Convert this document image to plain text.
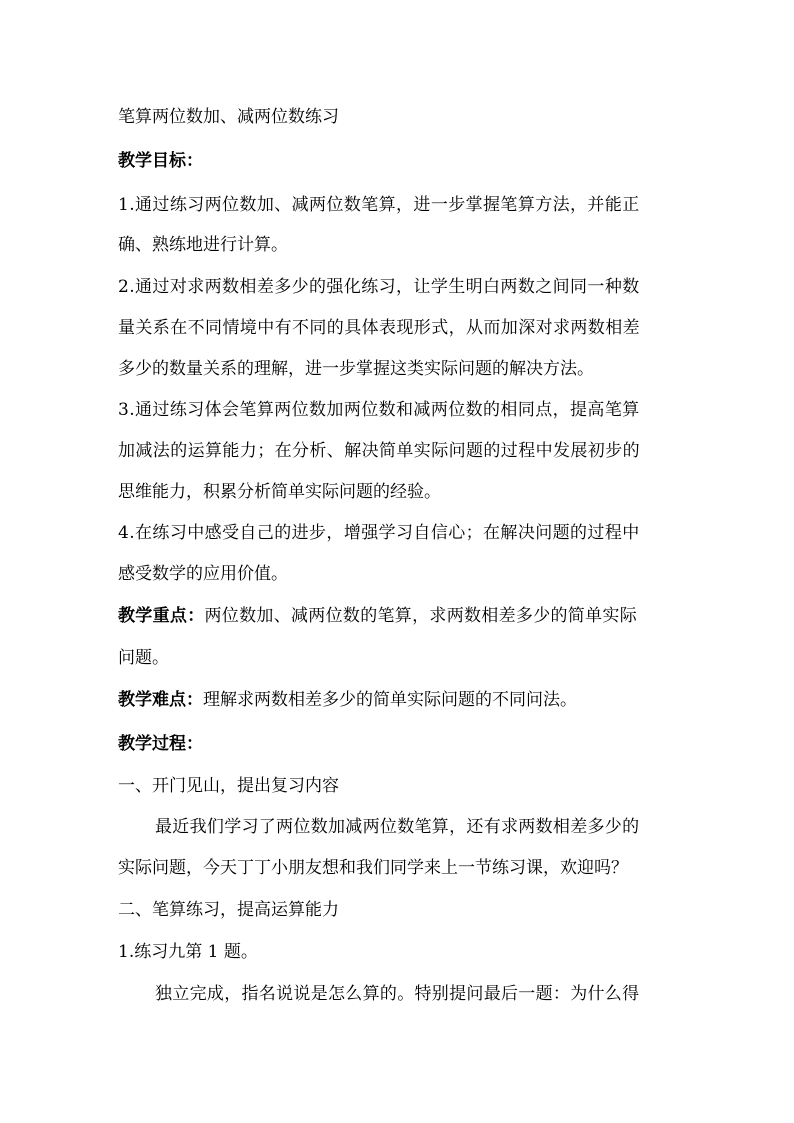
笔算两位数加、减两位数练习
教学目标：
1.通过练习两位数加、减两位数笔算，进一步掌握笔算方法，并能正
确、熟练地进行计算。
2.通过对求两数相差多少的强化练习，让学生明白两数之间同一种数
量关系在不同情境中有不同的具体表现形式，从而加深对求两数相差
多少的数量关系的理解，进一步掌握这类实际问题的解决方法。
3.通过练习体会笔算两位数加两位数和减两位数的相同点，提高笔算
加减法的运算能力；在分析、解决简单实际问题的过程中发展初步的
思维能力，积累分析简单实际问题的经验。
4.在练习中感受自己的进步，增强学习自信心；在解决问题的过程中
感受数学的应用价值。
教学重点：两位数加、减两位数的笔算，求两数相差多少的简单实际
问题。
教学难点：理解求两数相差多少的简单实际问题的不同问法。
教学过程：
一、开门见山，提出复习内容
最近我们学习了两位数加减两位数笔算，还有求两数相差多少的
实际问题，今天丁丁小朋友想和我们同学来上一节练习课，欢迎吗？
二、笔算练习，提高运算能力
1.练习九第 1 题。
独立完成，指名说说是怎么算的。特别提问最后一题：为什么得
